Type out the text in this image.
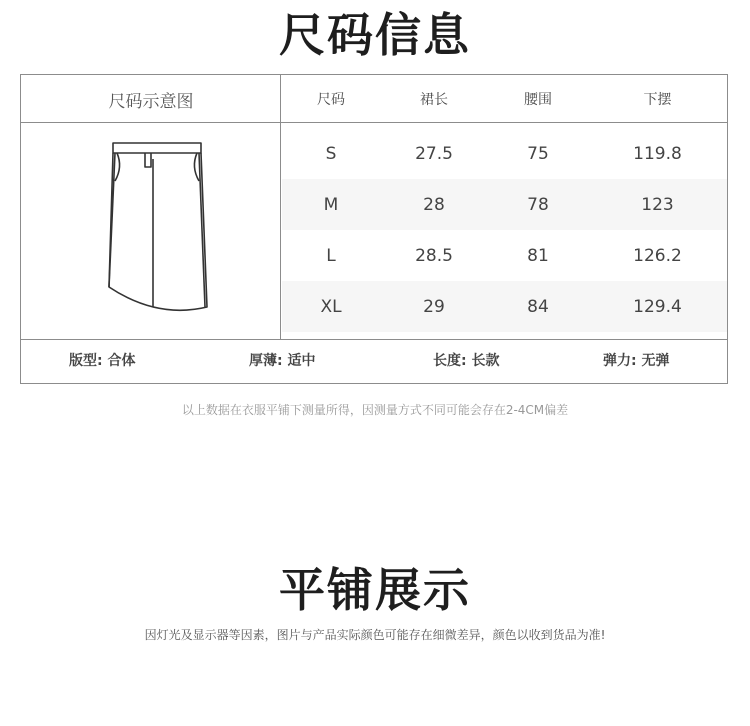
尺码信息
尺码示意图	尺码	裙长	腰围	下摆
S	27.5	75	119.8
M	28	78	123
L	28.5	81	126.2
XL	29	84	129.4
版型: 合体	厚薄: 适中	长度: 长款	弹力: 无弹
以上数据在衣服平铺下测量所得，因测量方式不同可能会存在2-4CM偏差
平铺展示
因灯光及显示器等因素，图片与产品实际颜色可能存在细微差异，颜色以收到货品为准!
